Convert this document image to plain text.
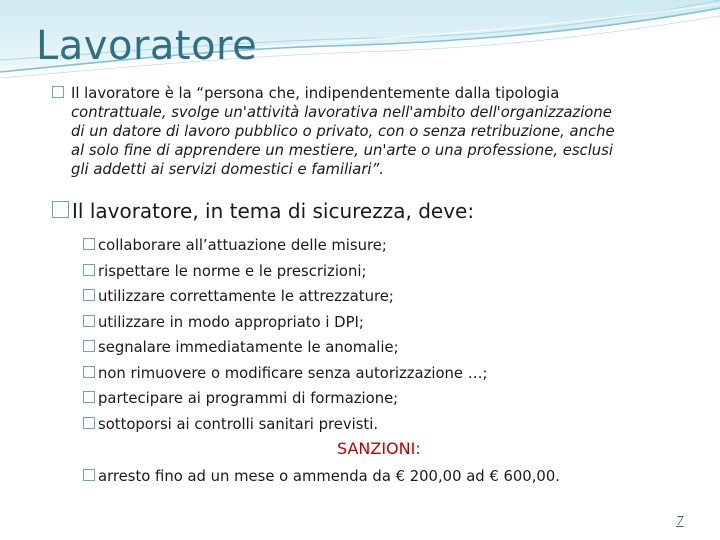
Lavoratore
Il lavoratore è la “persona che, indipendentemente dalla tipologia
contrattuale, svolge un'attività lavorativa nell'ambito dell'organizzazione
di un datore di lavoro pubblico o privato, con o senza retribuzione, anche
al solo fine di apprendere un mestiere, un'arte o una professione, esclusi
gli addetti ai servizi domestici e familiari”.
Il lavoratore, in tema di sicurezza, deve:
collaborare all’attuazione delle misure;
rispettare le norme e le prescrizioni;
utilizzare correttamente le attrezzature;
utilizzare in modo appropriato i DPI;
segnalare immediatamente le anomalie;
non rimuovere o modificare senza autorizzazione …;
partecipare ai programmi di formazione;
sottoporsi ai controlli sanitari previsti.
SANZIONI:
arresto fino ad un mese o ammenda da € 200,00 ad € 600,00.
7
